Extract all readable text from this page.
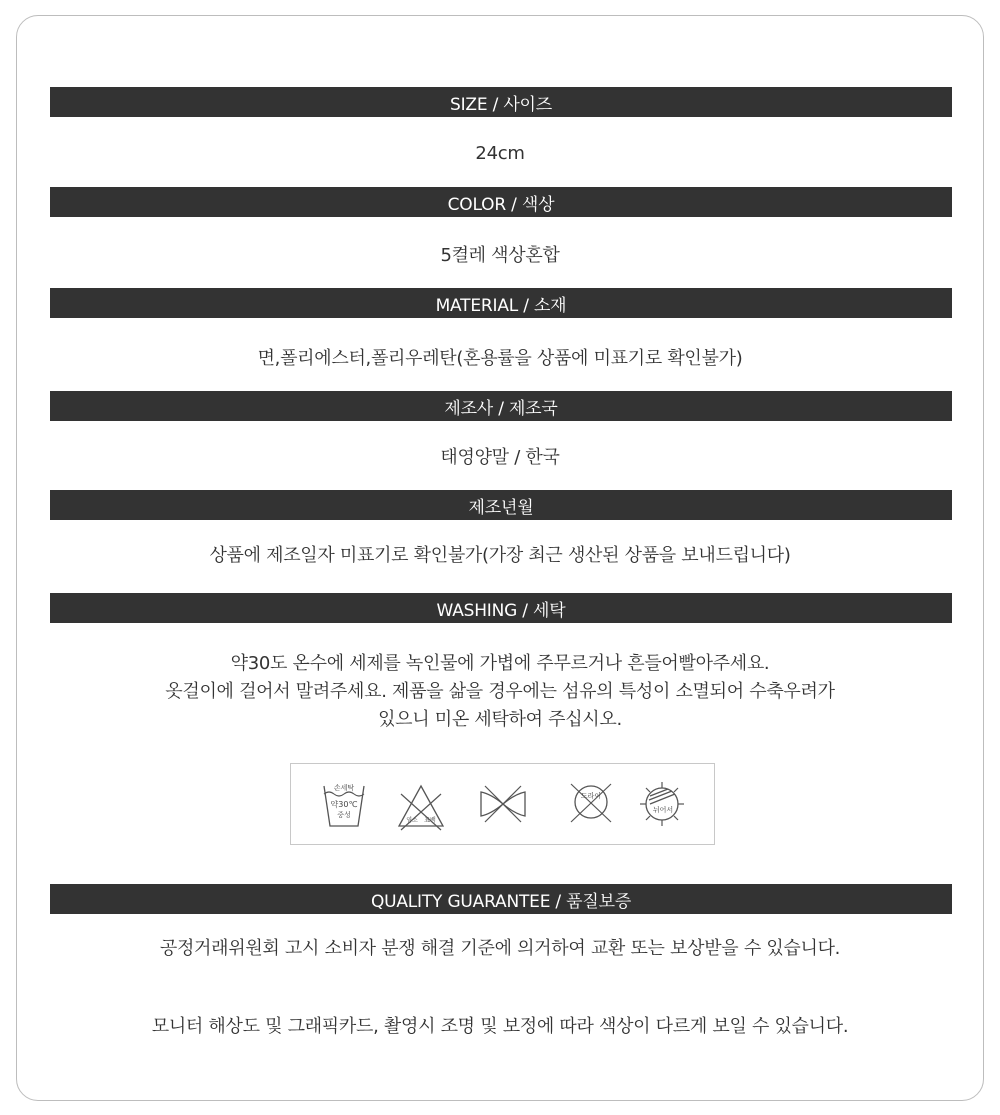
SIZE / 사이즈
24cm
COLOR / 색상
5켤레 색상혼합
MATERIAL / 소재
면,폴리에스터,폴리우레탄(혼용률을 상품에 미표기로 확인불가)
제조사 / 제조국
태영양말 / 한국
제조년월
상품에 제조일자 미표기로 확인불가(가장 최근 생산된 상품을 보내드립니다)
WASHING / 세탁
약30도 온수에 세제를 녹인물에 가볍에 주무르거나 흔들어빨아주세요.
옷걸이에 걸어서 말려주세요. 제품을 삶을 경우에는 섬유의 특성이 소멸되어 수축우려가
있으니 미온 세탁하여 주십시오.
손세탁
약30℃
중성
염소 표백
드라이
뉘어서
QUALITY GUARANTEE / 품질보증
공정거래위원회 고시 소비자 분쟁 해결 기준에 의거하여 교환 또는 보상받을 수 있습니다.
모니터 해상도 및 그래픽카드, 촬영시 조명 및 보정에 따라 색상이 다르게 보일 수 있습니다.
